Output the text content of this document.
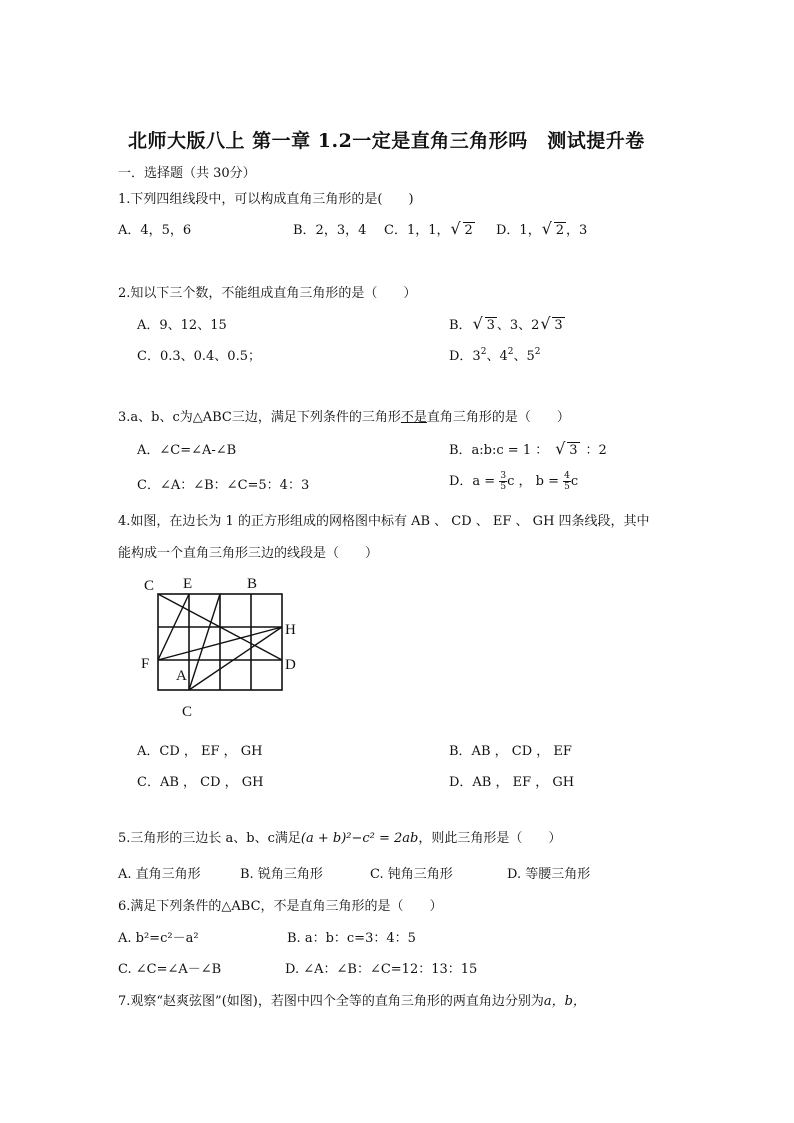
北师大版八上 第一章 1.2一定是直角三角形吗　测试提升卷
一．选择题（共 30分）
1.下列四组线段中，可以构成直角三角形的是(　　)
A．4，5，6	B．2，3，4 C．1，1， √ 2 D．1， √ 2 ，3
2.知以下三个数，不能组成直角三角形的是（　　）
A．9、12、15	B． √ 3 、3、2 √ 3
C．0.3、0.4、0.5；	D．$3^2$、$4^2$、$5^2$
3.a、b、c为△ABC三边，满足下列条件的三角形不是直角三角形的是（　　）
A．∠C=∠A-∠B	B．a:b:c = 1 ： √ 3 ：2
C．∠A：∠B：∠C=5：4：3	D．$a = \frac{3}{5}$ c ， $b = \frac{4}{5}$ c
4.如图，在边长为 1 的正方形组成的网格图中标有 AB 、 CD 、 EF 、 GH 四条线段，其中
能构成一个直角三角形三边的线段是（　　）
C E	B
H
F
A
D
C
A．CD ， EF ， GH	B．AB ， CD ， EF
C．AB ， CD ， GH	D．AB ， EF ， GH
5.三角形的三边长 a、b、c满足(a + b)²−c² = 2ab，则此三角形是（　　）
A. 直角三角形	B. 锐角三角形	C. 钝角三角形	D. 等腰三角形
6.满足下列条件的△ABC，不是直角三角形的是（　　）
A. b²=c²－a²	B. a：b：c=3：4：5
C. ∠C=∠A－∠B	D. ∠A：∠B：∠C=12：13：15
7.观察“赵爽弦图”(如图)，若图中四个全等的直角三角形的两直角边分别为a，b，
